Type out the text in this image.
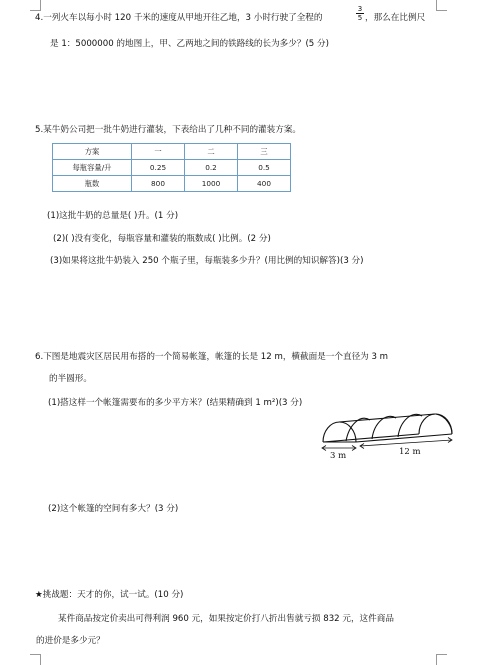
4.一列火车以每小时 120 千米的速度从甲地开往乙地，3 小时行驶了全程的	$\frac{3}{5}$ ，那么在比例尺
是 1：5000000 的地图上，甲、乙两地之间的铁路线的长为多少？(5 分)
5.某牛奶公司把一批牛奶进行灌装，下表给出了几种不同的灌装方案。
方案	一	二	三
每瓶容量/升	0.25	0.2	0.5
瓶数	800	1000	400
(1)这批牛奶的总量是( )升。(1 分)
(2)( )没有变化，每瓶容量和灌装的瓶数成( )比例。(2 分)
(3)如果将这批牛奶装入 250 个瓶子里，每瓶装多少升？(用比例的知识解答)(3 分)
6.下图是地震灾区居民用布搭的一个简易帐篷，帐篷的长是 12 m，横截面是一个直径为 3 m
的半圆形。
(1)搭这样一个帐篷需要布的多少平方米？(结果精确到 1 m²)(3 分)
3 m	12 m
(2)这个帐篷的空间有多大？(3 分)
★挑战题：天才的你，试一试。(10 分)
某件商品按定价卖出可得利润 960 元，如果按定价打八折出售就亏损 832 元，这件商品
的进价是多少元？
